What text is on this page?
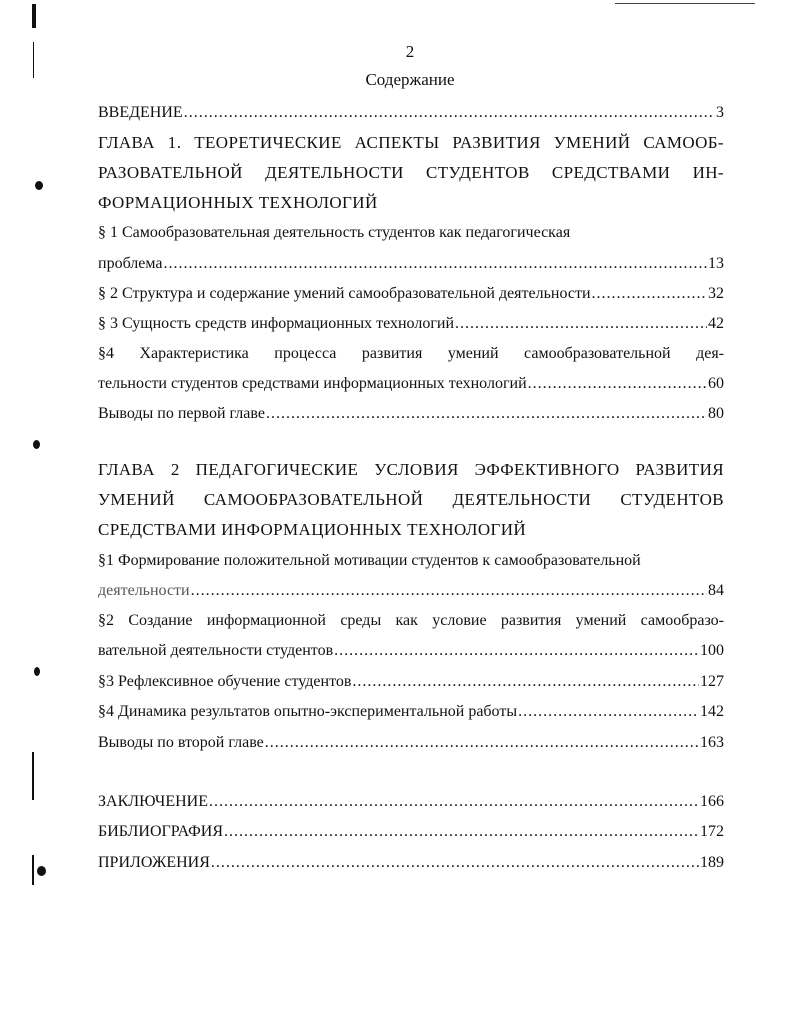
2
Содержание
ВВЕДЕНИЕ .....	3
ГЛАВА 1. ТЕОРЕТИЧЕСКИЕ АСПЕКТЫ РАЗВИТИЯ УМЕНИЙ САМООБ-
РАЗОВАТЕЛЬНОЙ ДЕЯТЕЛЬНОСТИ СТУДЕНТОВ СРЕДСТВАМИ ИН-
ФОРМАЦИОННЫХ ТЕХНОЛОГИЙ
§ 1 Самообразовательная деятельность студентов как педагогическая
проблема .....	13
§ 2 Структура и содержание умений самообразовательной деятельности .....	32
§ 3 Сущность средств информационных технологий .....	42
§4 Характеристика процесса развития умений самообразовательной дея-
тельности студентов средствами информационных технологий .....	60
Выводы по первой главе .....	80
ГЛАВА 2 ПЕДАГОГИЧЕСКИЕ УСЛОВИЯ ЭФФЕКТИВНОГО РАЗВИТИЯ
УМЕНИЙ САМООБРАЗОВАТЕЛЬНОЙ ДЕЯТЕЛЬНОСТИ СТУДЕНТОВ
СРЕДСТВАМИ ИНФОРМАЦИОННЫХ ТЕХНОЛОГИЙ
§1 Формирование положительной мотивации студентов к самообразовательной
деятельности .....	84
§2 Создание информационной среды как условие развития умений самообразо-
вательной деятельности студентов .....	100
§3 Рефлексивное обучение студентов .....	127
§4 Динамика результатов опытно-экспериментальной работы .....	142
Выводы по второй главе .....	163
ЗАКЛЮЧЕНИЕ .....	166
БИБЛИОГРАФИЯ .....	172
ПРИЛОЖЕНИЯ .....	189
